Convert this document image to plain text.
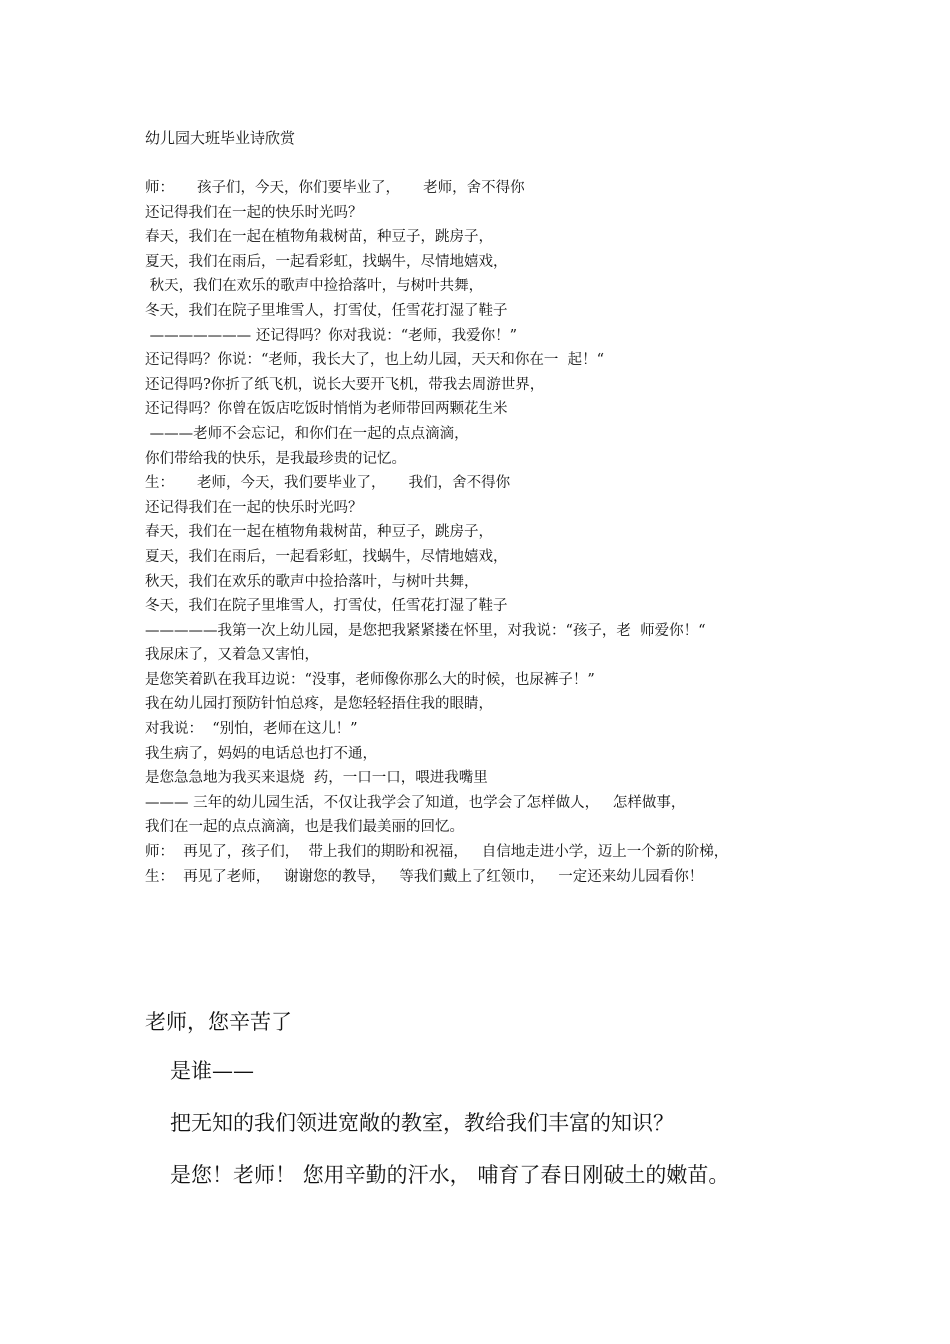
幼儿园大班毕业诗欣赏
师：     孩子们，今天，你们要毕业了，     老师，舍不得你
还记得我们在一起的快乐时光吗？
春天，我们在一起在植物角栽树苗，种豆子，跳房子，
夏天，我们在雨后，一起看彩虹，找蜗牛，尽情地嬉戏，
秋天，我们在欢乐的歌声中捡拾落叶，与树叶共舞，
冬天，我们在院子里堆雪人，打雪仗，任雪花打湿了鞋子
——————— 还记得吗？你对我说：“老师，我爱你！”
还记得吗？你说：“老师，我长大了，也上幼儿园，天天和你在一  起！“
还记得吗?你折了纸飞机，说长大要开飞机，带我去周游世界，
还记得吗？你曾在饭店吃饭时悄悄为老师带回两颗花生米
———老师不会忘记，和你们在一起的点点滴滴，
你们带给我的快乐，是我最珍贵的记忆。
生：     老师，今天，我们要毕业了，     我们，舍不得你
还记得我们在一起的快乐时光吗？
春天，我们在一起在植物角栽树苗，种豆子，跳房子，
夏天，我们在雨后，一起看彩虹，找蜗牛，尽情地嬉戏，
秋天，我们在欢乐的歌声中捡拾落叶，与树叶共舞，
冬天，我们在院子里堆雪人，打雪仗，任雪花打湿了鞋子
—————我第一次上幼儿园，是您把我紧紧搂在怀里，对我说：“孩子，老  师爱你！“
我尿床了，又着急又害怕，
是您笑着趴在我耳边说：“没事，老师像你那么大的时候，也尿裤子！”
我在幼儿园打预防针怕总疼，是您轻轻捂住我的眼睛，
对我说：  “别怕，老师在这儿！”
我生病了，妈妈的电话总也打不通，
是您急急地为我买来退烧  药，一口一口，喂进我嘴里
——— 三年的幼儿园生活，不仅让我学会了知道，也学会了怎样做人，   怎样做事，
我们在一起的点点滴滴，也是我们最美丽的回忆。
师：  再见了，孩子们，  带上我们的期盼和祝福，   自信地走进小学，迈上一个新的阶梯，
生：  再见了老师，   谢谢您的教导，   等我们戴上了红领巾，   一定还来幼儿园看你！
老师，您辛苦了
是谁——
把无知的我们领进宽敞的教室，教给我们丰富的知识？
是您！老师！ 您用辛勤的汗水， 哺育了春日刚破土的嫩苗。
